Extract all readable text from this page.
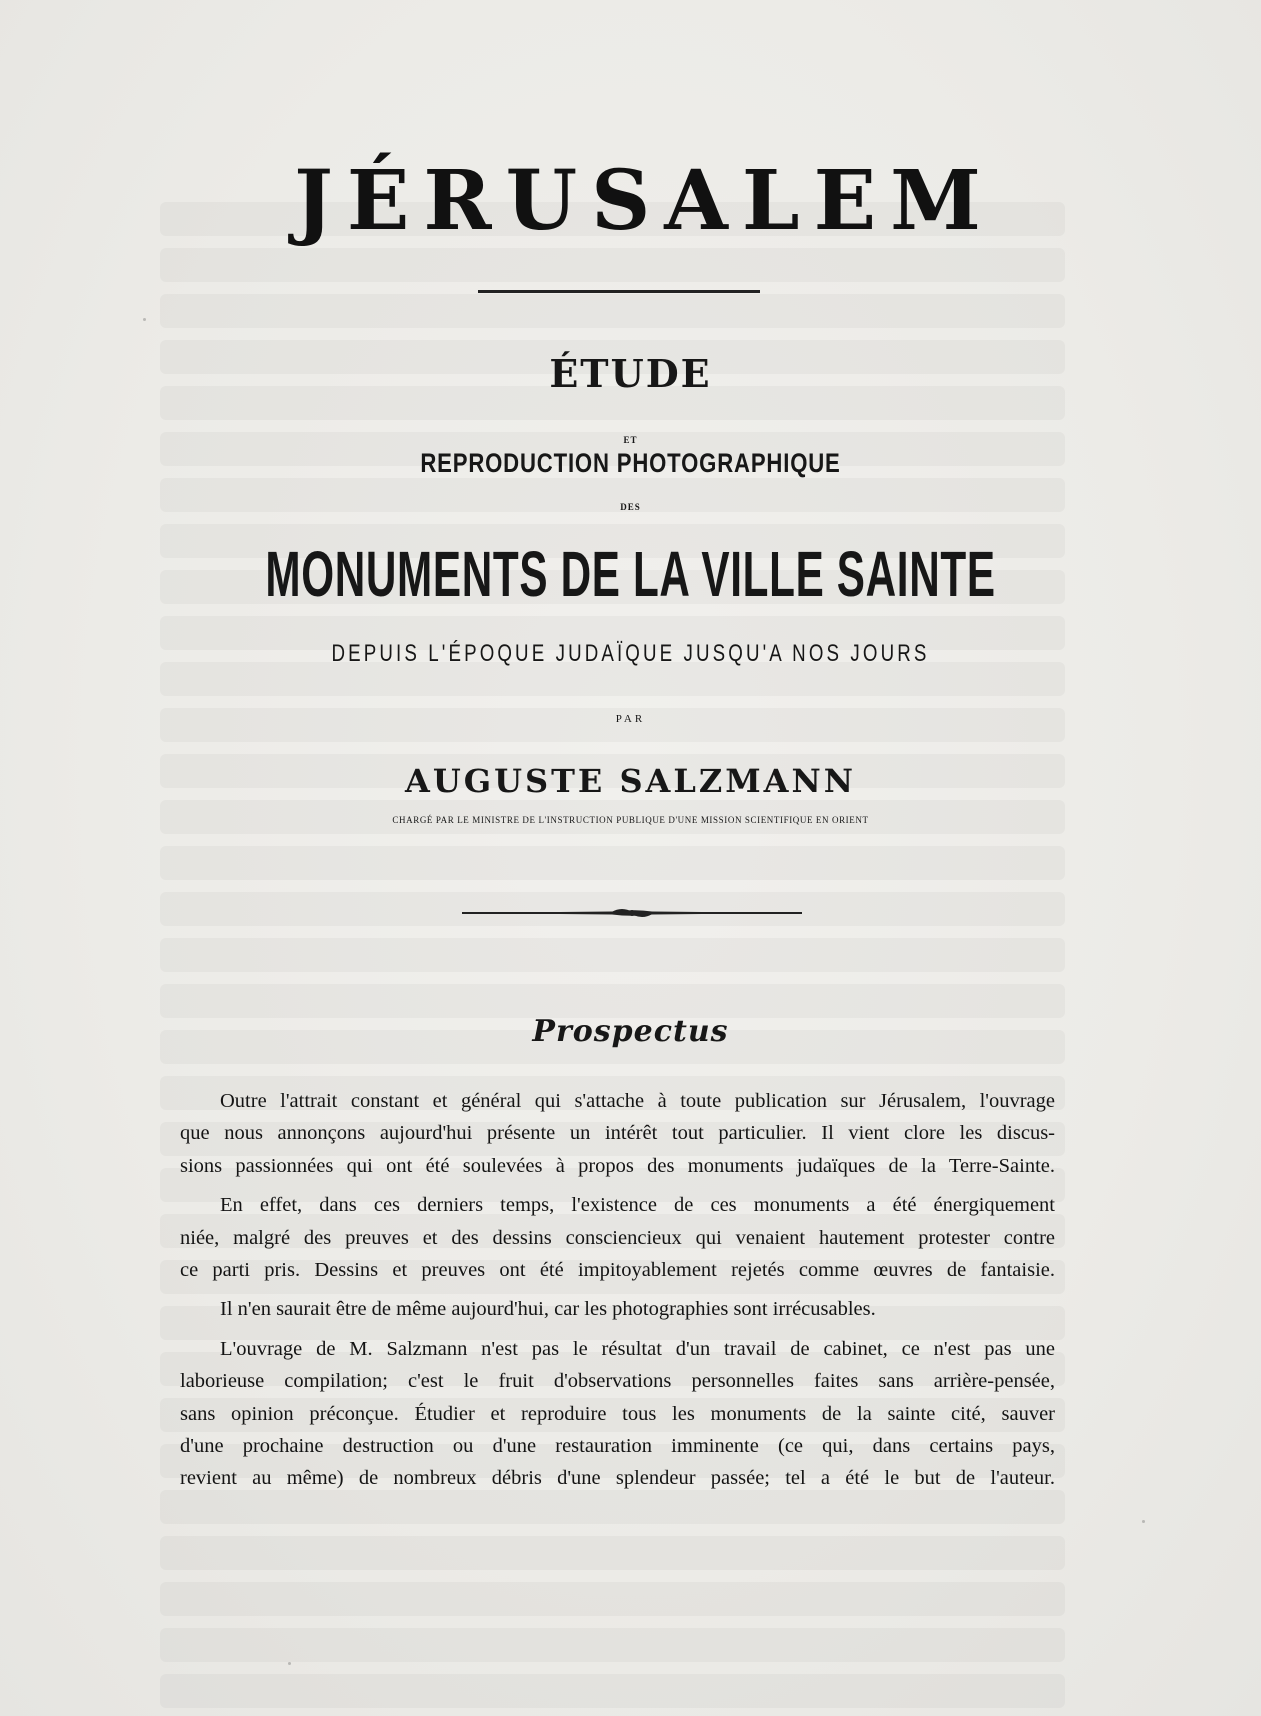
JÉRUSALEM
ÉTUDE
ET
REPRODUCTION PHOTOGRAPHIQUE
DES
MONUMENTS DE LA VILLE SAINTE
DEPUIS L'ÉPOQUE JUDAÏQUE JUSQU'A NOS JOURS
PAR
AUGUSTE SALZMANN
CHARGÉ PAR LE MINISTRE DE L'INSTRUCTION PUBLIQUE D'UNE MISSION SCIENTIFIQUE EN ORIENT
Prospectus

Outre l'attrait constant et général qui s'attache à toute publication sur Jérusalem, l'ouvrage
que nous annonçons aujourd'hui présente un intérêt tout particulier. Il vient clore les discus-
sions passionnées qui ont été soulevées à propos des monuments judaïques de la Terre-Sainte.

En effet, dans ces derniers temps, l'existence de ces monuments a été énergiquement
niée, malgré des preuves et des dessins consciencieux qui venaient hautement protester contre
ce parti pris. Dessins et preuves ont été impitoyablement rejetés comme œuvres de fantaisie.

Il n'en saurait être de même aujourd'hui, car les photographies sont irrécusables.

L'ouvrage de M. Salzmann n'est pas le résultat d'un travail de cabinet, ce n'est pas une
laborieuse compilation; c'est le fruit d'observations personnelles faites sans arrière-pensée,
sans opinion préconçue. Étudier et reproduire tous les monuments de la sainte cité, sauver
d'une prochaine destruction ou d'une restauration imminente (ce qui, dans certains pays,
revient au même) de nombreux débris d'une splendeur passée; tel a été le but de l'auteur.
